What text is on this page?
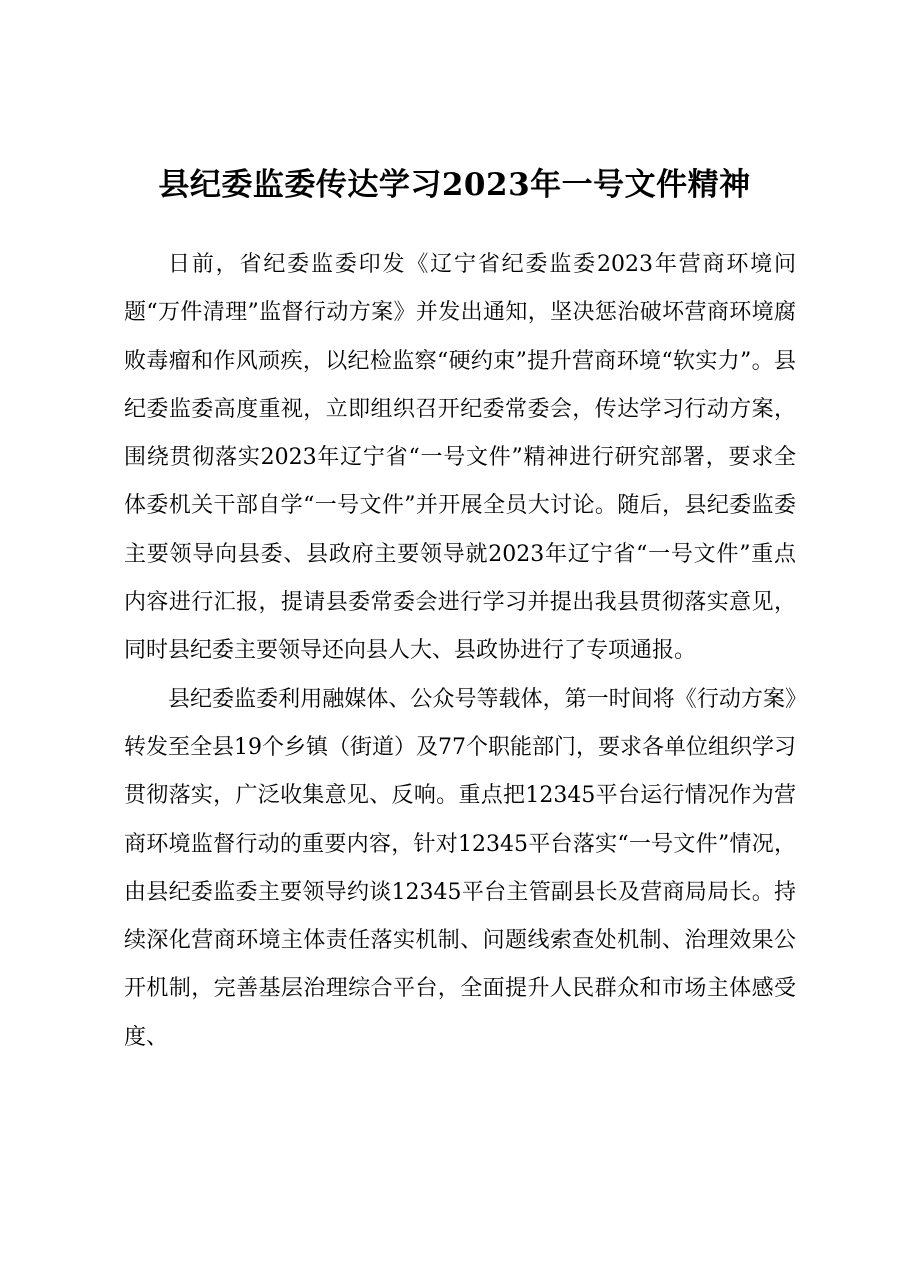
县纪委监委传达学习2023年一号文件精神

日前，省纪委监委印发《辽宁省纪委监委2023年营商环境问题“万件清理”监督行动方案》并发出通知，坚决惩治破坏营商环境腐败毒瘤和作风顽疾，以纪检监察“硬约束”提升营商环境“软实力”。县纪委监委高度重视，立即组织召开纪委常委会，传达学习行动方案，围绕贯彻落实2023年辽宁省“一号文件”精神进行研究部署，要求全体委机关干部自学“一号文件”并开展全员大讨论。随后，县纪委监委主要领导向县委、县政府主要领导就2023年辽宁省“一号文件”重点内容进行汇报，提请县委常委会进行学习并提出我县贯彻落实意见，同时县纪委主要领导还向县人大、县政协进行了专项通报。

县纪委监委利用融媒体、公众号等载体，第一时间将《行动方案》转发至全县19个乡镇（街道）及77个职能部门，要求各单位组织学习贯彻落实，广泛收集意见、反响。重点把12345平台运行情况作为营商环境监督行动的重要内容，针对12345平台落实“一号文件”情况，由县纪委监委主要领导约谈12345平台主管副县长及营商局局长。持续深化营商环境主体责任落实机制、问题线索查处机制、治理效果公开机制，完善基层治理综合平台，全面提升人民群众和市场主体感受度、
